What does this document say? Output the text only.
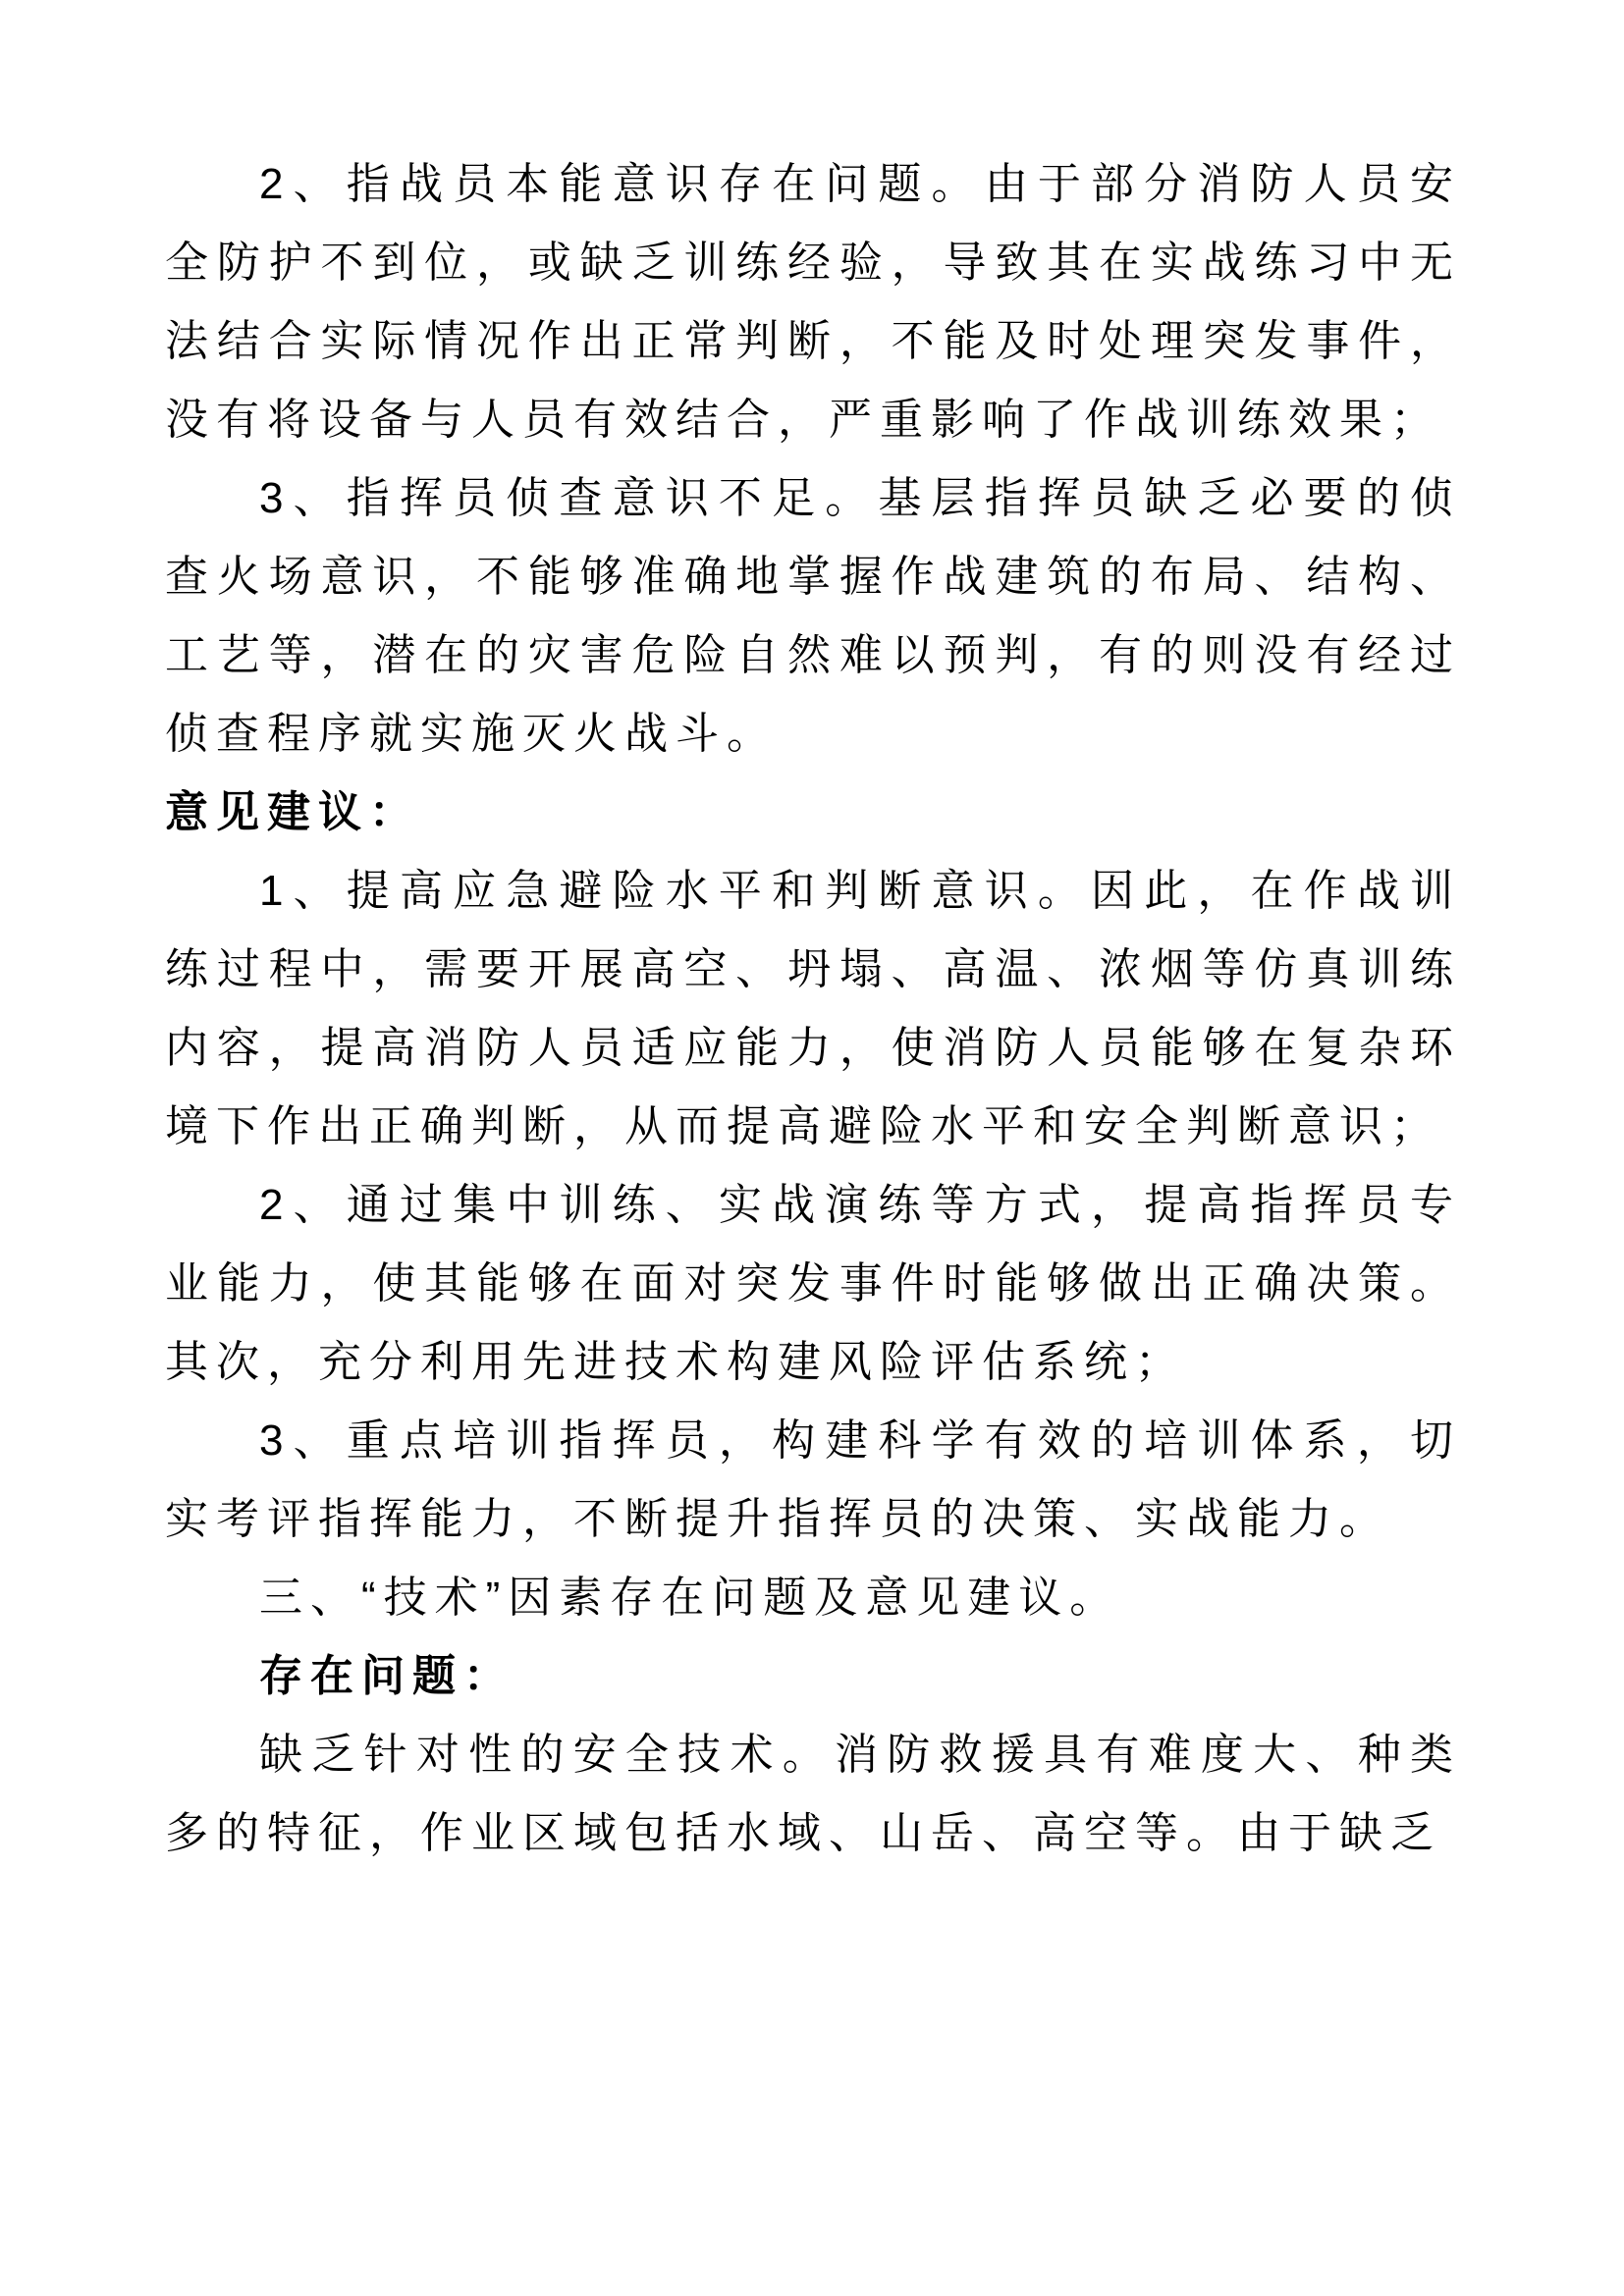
2、指战员本能意识存在问题。由于部分消防人员安全防护不到位，或缺乏训练经验，导致其在实战练习中无法结合实际情况作出正常判断，不能及时处理突发事件，没有将设备与人员有效结合，严重影响了作战训练效果；

3、指挥员侦查意识不足。基层指挥员缺乏必要的侦查火场意识，不能够准确地掌握作战建筑的布局、结构、工艺等，潜在的灾害危险自然难以预判，有的则没有经过侦查程序就实施灭火战斗。

意见建议：

1、提高应急避险水平和判断意识。因此，在作战训练过程中，需要开展高空、坍塌、高温、浓烟等仿真训练内容，提高消防人员适应能力，使消防人员能够在复杂环境下作出正确判断，从而提高避险水平和安全判断意识；

2、通过集中训练、实战演练等方式，提高指挥员专业能力，使其能够在面对突发事件时能够做出正确决策。其次，充分利用先进技术构建风险评估系统；

3、重点培训指挥员，构建科学有效的培训体系，切实考评指挥能力，不断提升指挥员的决策、实战能力。

三、“技术”因素存在问题及意见建议。

存在问题：

缺乏针对性的安全技术。消防救援具有难度大、种类多的特征，作业区域包括水域、山岳、高空等。由于缺乏
